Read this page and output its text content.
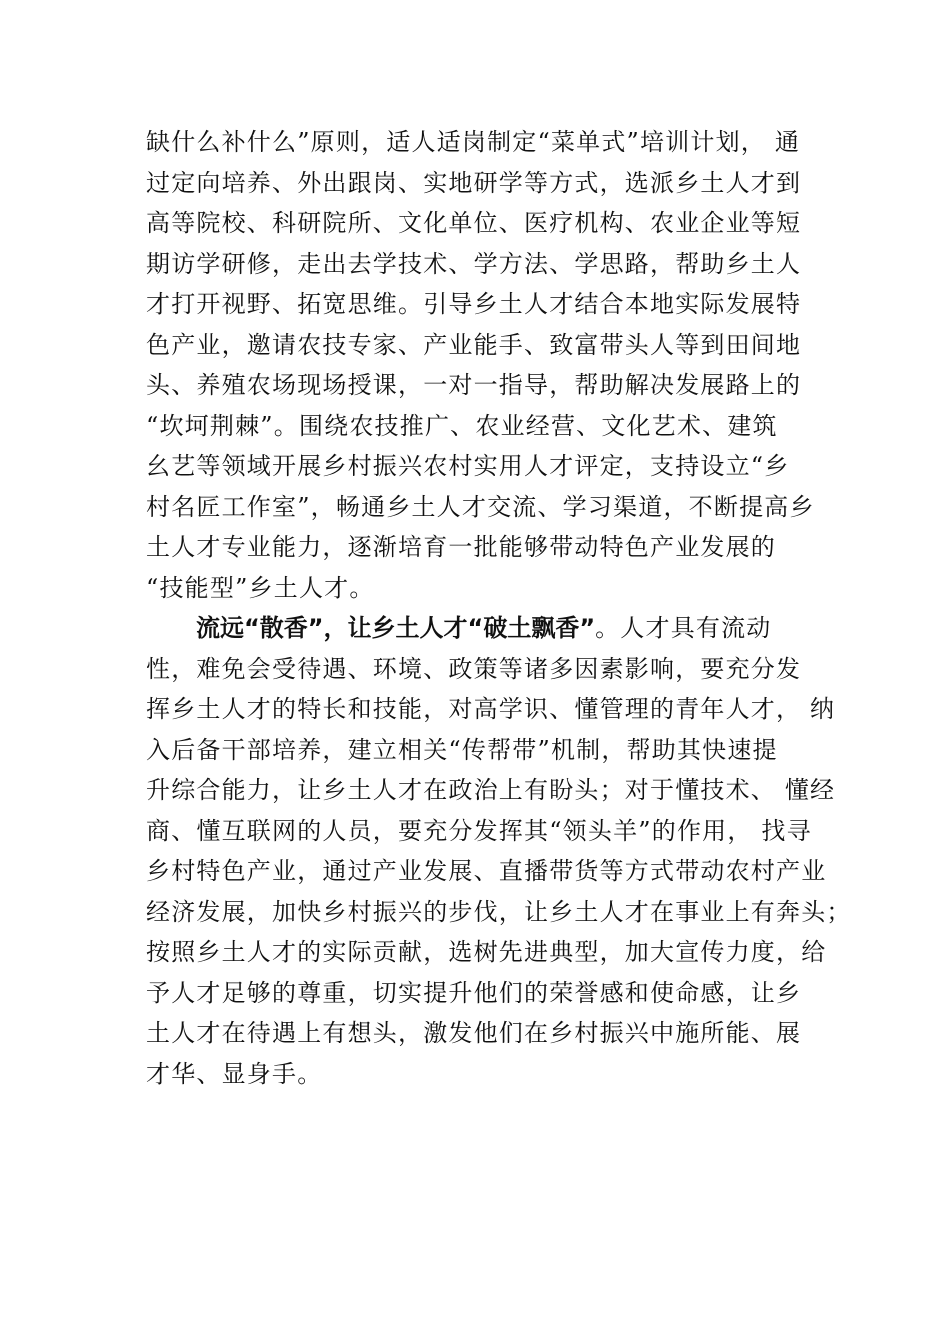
缺什么补什么”原则，适人适岗制定“菜单式”培训计划， 通
过定向培养、外出跟岗、实地研学等方式，选派乡土人才到
高等院校、科研院所、文化单位、医疗机构、农业企业等短
期访学研修，走出去学技术、学方法、学思路，帮助乡土人
才打开视野、拓宽思维。引导乡土人才结合本地实际发展特
色产业，邀请农技专家、产业能手、致富带头人等到田间地
头、养殖农场现场授课，一对一指导，帮助解决发展路上的
“坎坷荆棘”。围绕农技推广、农业经营、文化艺术、建筑
⺓艺等领域开展乡村振兴农村实用人才评定，支持设立“乡
村名匠工作室”，畅通乡土人才交流、学习渠道，不断提高乡
土人才专业能力，逐渐培育一批能够带动特色产业发展的
“技能型”乡土人才。
流远“散香”，让乡土人才“破土飘香”。人才具有流动
性，难免会受待遇、环境、政策等诸多因素影响，要充分发
挥乡土人才的特长和技能，对高学识、懂管理的青年人才， 纳
入后备干部培养，建立相关“传帮带”机制，帮助其快速提
升综合能力，让乡土人才在政治上有盼头；对于懂技术、 懂经
商、懂互联网的人员，要充分发挥其“领头羊”的作用， 找寻
乡村特色产业，通过产业发展、直播带货等方式带动农村产业
经济发展，加快乡村振兴的步伐，让乡土人才在事业上有奔头；
按照乡土人才的实际贡献，选树先进典型，加大宣传力度，给
予人才足够的尊重，切实提升他们的荣誉感和使命感，让乡
土人才在待遇上有想头，激发他们在乡村振兴中施所能、展
才华、显身手。
